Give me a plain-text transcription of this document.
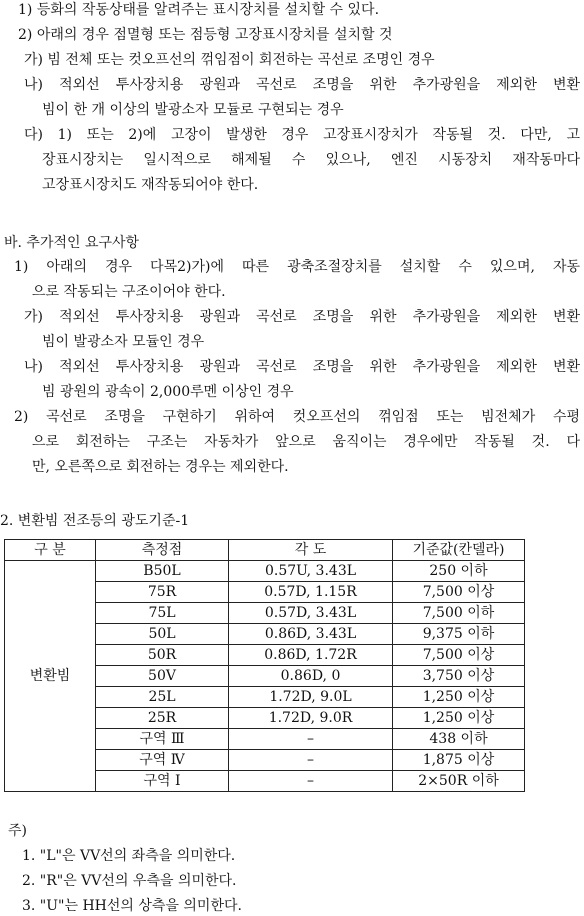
1) 등화의 작동상태를 알려주는 표시장치를 설치할 수 있다.
2) 아래의 경우 점멸형 또는 점등형 고장표시장치를 설치할 것
가) 빔 전체 또는 컷오프선의 꺾임점이 회전하는 곡선로 조명인 경우
나) 적외선 투사장치용 광원과 곡선로 조명을 위한 추가광원을 제외한 변환
빔이 한 개 이상의 발광소자 모듈로 구현되는 경우
다) 1) 또는 2)에 고장이 발생한 경우 고장표시장치가 작동될 것. 다만, 고
장표시장치는 일시적으로 해제될 수 있으나, 엔진 시동장치 재작동마다
고장표시장치도 재작동되어야 한다.
바. 추가적인 요구사항
1) 아래의 경우 다목2)가)에 따른 광축조절장치를 설치할 수 있으며, 자동
으로 작동되는 구조이어야 한다.
가) 적외선 투사장치용 광원과 곡선로 조명을 위한 추가광원을 제외한 변환
빔이 발광소자 모듈인 경우
나) 적외선 투사장치용 광원과 곡선로 조명을 위한 추가광원을 제외한 변환
빔 광원의 광속이 2,000루멘 이상인 경우
2) 곡선로 조명을 구현하기 위하여 컷오프선의 꺾임점 또는 빔전체가 수평
으로 회전하는 구조는 자동차가 앞으로 움직이는 경우에만 작동될 것. 다
만, 오른쪽으로 회전하는 경우는 제외한다.
2. 변환빔 전조등의 광도기준-1
구 분	측정점	각 도	기준값(칸델라)
변환빔	B50L	0.57U, 3.43L	250 이하
	75R	0.57D, 1.15R	7,500 이상
	75L	0.57D, 3.43L	7,500 이하
	50L	0.86D, 3.43L	9,375 이하
	50R	0.86D, 1.72R	7,500 이상
	50V	0.86D, 0	3,750 이상
	25L	1.72D, 9.0L	1,250 이상
	25R	1.72D, 9.0R	1,250 이상
	구역 Ⅲ	–	438 이하
	구역 Ⅳ	–	1,875 이상
	구역 Ⅰ	–	2×50R 이하
주)
1. "L"은 VV선의 좌측을 의미한다.
2. "R"은 VV선의 우측을 의미한다.
3. "U"는 HH선의 상측을 의미한다.
